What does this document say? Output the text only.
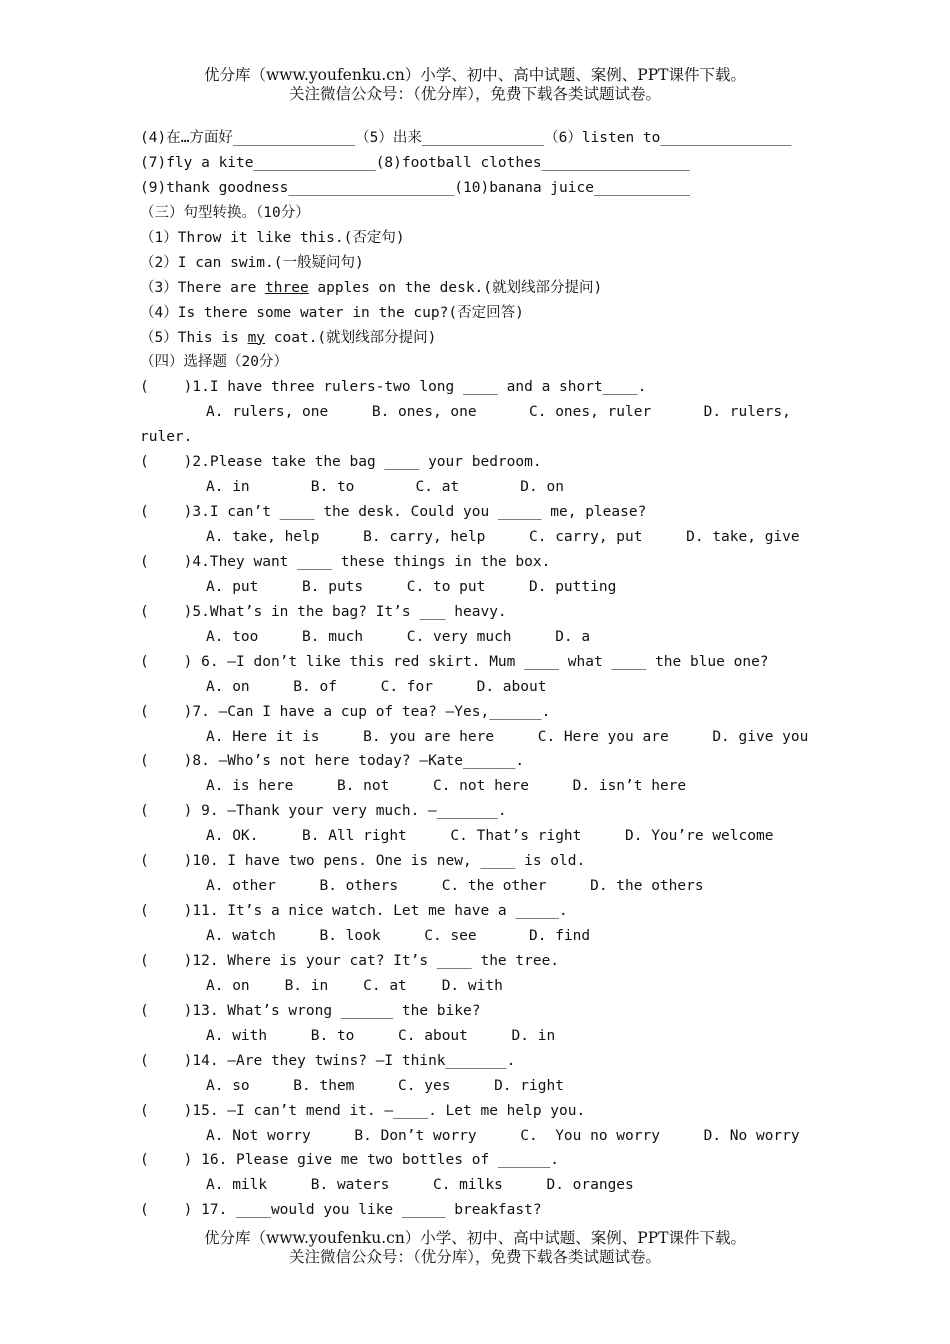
优分库（www.youfenku.cn）小学、初中、高中试题、案例、PPT课件下载。
关注微信公众号：（优分库），免费下载各类试题试卷。
(4)在…方面好______________（5）出来______________（6）listen to_______________
(7)fly a kite______________(8)football clothes_________________
(9)thank goodness___________________(10)banana juice___________
（三）句型转换。（10分）
（1）Throw it like this.(否定句)
（2）I can swim.(一般疑问句)
（3）There are three apples on the desk.(就划线部分提问)
（4）Is there some water in the cup?(否定回答)
（5）This is my coat.(就划线部分提问)
（四）选择题（20分）
(    )1.I have three rulers-two long ____ and a short____.
A. rulers, one     B. ones, one      C. ones, ruler      D. rulers,
ruler.
(    )2.Please take the bag ____ your bedroom.
A. in       B. to       C. at       D. on
(    )3.I can’t ____ the desk. Could you _____ me, please?
A. take, help     B. carry, help     C. carry, put     D. take, give
(    )4.They want ____ these things in the box.
A. put     B. puts     C. to put     D. putting
(    )5.What’s in the bag? It’s ___ heavy.
A. too     B. much     C. very much     D. a
(    ) 6. —I don’t like this red skirt. Mum ____ what ____ the blue one?
A. on     B. of     C. for     D. about
(    )7. —Can I have a cup of tea? —Yes,______.
A. Here it is     B. you are here     C. Here you are     D. give you
(    )8. —Who’s not here today? —Kate______.
A. is here     B. not     C. not here     D. isn’t here
(    ) 9. —Thank your very much. —_______.
A. OK.     B. All right     C. That’s right     D. You’re welcome
(    )10. I have two pens. One is new, ____ is old.
A. other     B. others     C. the other     D. the others
(    )11. It’s a nice watch. Let me have a _____.
A. watch     B. look     C. see      D. find
(    )12. Where is your cat? It’s ____ the tree.
A. on    B. in    C. at    D. with
(    )13. What’s wrong ______ the bike?
A. with     B. to     C. about     D. in
(    )14. —Are they twins? —I think_______.
A. so     B. them     C. yes     D. right
(    )15. —I can’t mend it. —____. Let me help you.
A. Not worry     B. Don’t worry     C.  You no worry     D. No worry
(    ) 16. Please give me two bottles of ______.
A. milk     B. waters     C. milks     D. oranges
(    ) 17. ____would you like _____ breakfast?
优分库（www.youfenku.cn）小学、初中、高中试题、案例、PPT课件下载。
关注微信公众号：（优分库），免费下载各类试题试卷。
